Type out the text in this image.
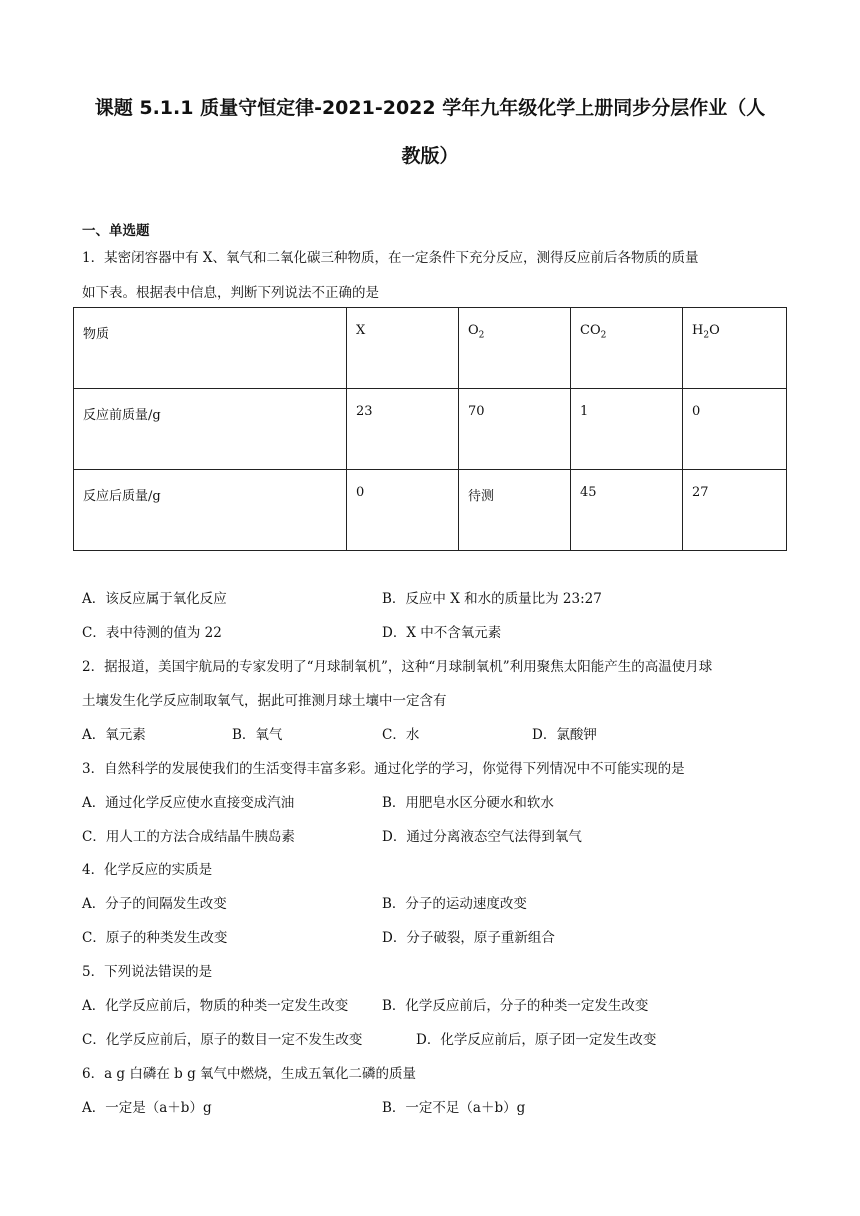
课题 5.1.1 质量守恒定律-2021-2022 学年九年级化学上册同步分层作业（人
教版）
一、单选题
1．某密闭容器中有 X、氧气和二氧化碳三种物质，在一定条件下充分反应，测得反应前后各物质的质量
如下表。根据表中信息，判断下列说法不正确的是
物质	X	$O_2$	$CO_2$	$H_2O$
反应前质量/g	23	70	1	0
反应后质量/g	0	待测	45	27
A．该反应属于氧化反应	B．反应中 X 和水的质量比为 23:27
C．表中待测的值为 22	D．X 中不含氧元素
2．据报道，美国宇航局的专家发明了“月球制氧机”，这种“月球制氧机”利用聚焦太阳能产生的高温使月球
土壤发生化学反应制取氧气，据此可推测月球土壤中一定含有
A．氧元素	B．氧气	C．水	D．氯酸钾
3．自然科学的发展使我们的生活变得丰富多彩。通过化学的学习，你觉得下列情况中不可能实现的是
A．通过化学反应使水直接变成汽油	B．用肥皂水区分硬水和软水
C．用人工的方法合成结晶牛胰岛素	D．通过分离液态空气法得到氧气
4．化学反应的实质是
A．分子的间隔发生改变	B．分子的运动速度改变
C．原子的种类发生改变	D．分子破裂，原子重新组合
5．下列说法错误的是
A．化学反应前后，物质的种类一定发生改变	B．化学反应前后，分子的种类一定发生改变
C．化学反应前后，原子的数目一定不发生改变	D．化学反应前后，原子团一定发生改变
6．a g 白磷在 b g 氧气中燃烧，生成五氧化二磷的质量
A．一定是（a＋b）g	B．一定不足（a＋b）g
